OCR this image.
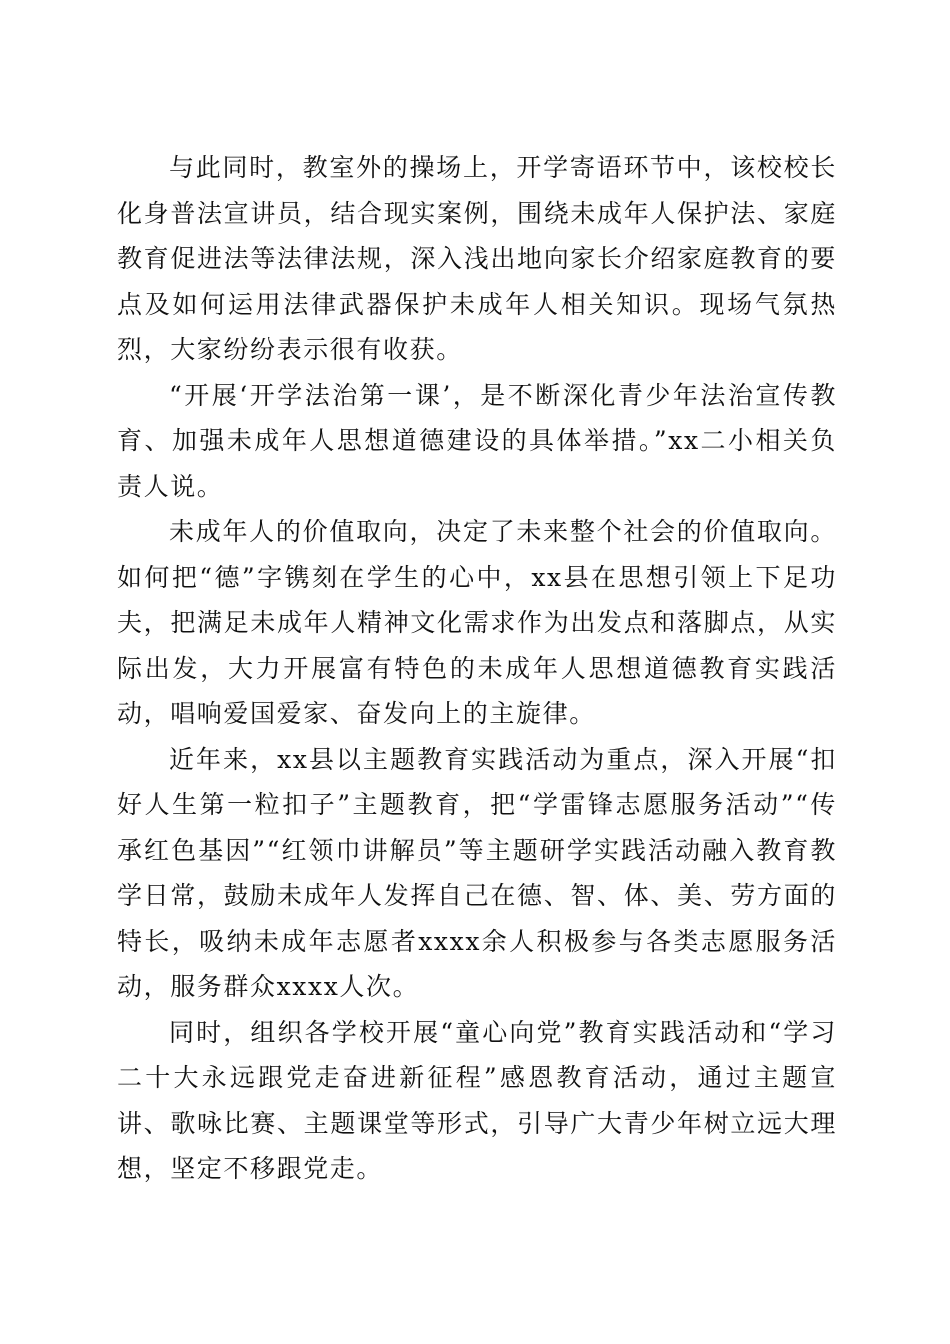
与此同时，教室外的操场上，开学寄语环节中，该校校长化身普法宣讲员，结合现实案例，围绕未成年人保护法、家庭教育促进法等法律法规，深入浅出地向家长介绍家庭教育的要点及如何运用法律武器保护未成年人相关知识。现场气氛热烈，大家纷纷表示很有收获。

“开展‘开学法治第一课’，是不断深化青少年法治宣传教育、加强未成年人思想道德建设的具体举措。”xx二小相关负责人说。

未成年人的价值取向，决定了未来整个社会的价值取向。如何把“德”字镌刻在学生的心中，xx县在思想引领上下足功夫，把满足未成年人精神文化需求作为出发点和落脚点，从实际出发，大力开展富有特色的未成年人思想道德教育实践活动，唱响爱国爱家、奋发向上的主旋律。

近年来，xx县以主题教育实践活动为重点，深入开展“扣好人生第一粒扣子”主题教育，把“学雷锋志愿服务活动”“传承红色基因”“红领巾讲解员”等主题研学实践活动融入教育教学日常，鼓励未成年人发挥自己在德、智、体、美、劳方面的特长，吸纳未成年志愿者xxxx余人积极参与各类志愿服务活动，服务群众xxxx人次。

同时，组织各学校开展“童心向党”教育实践活动和“学习二十大永远跟党走奋进新征程”感恩教育活动，通过主题宣讲、歌咏比赛、主题课堂等形式，引导广大青少年树立远大理想，坚定不移跟党走。
